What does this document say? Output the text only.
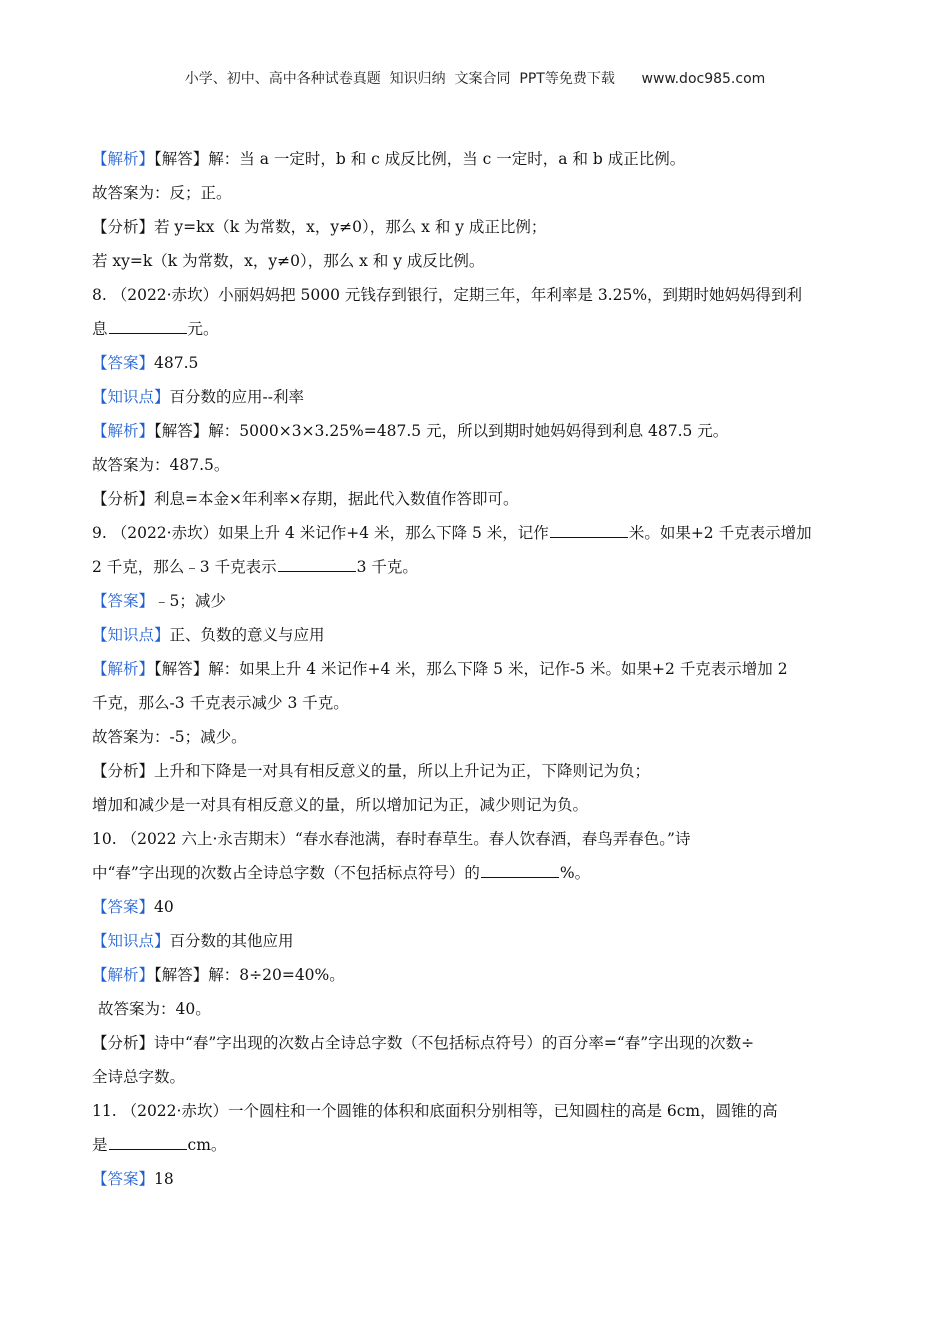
小学、初中、高中各种试卷真题  知识归纳  文案合同  PPT等免费下载      www.doc985.com
【解析】【解答】解：当 a 一定时，b 和 c 成反比例，当 c 一定时，a 和 b 成正比例。
故答案为：反；正。
【分析】若 y=kx（k 为常数，x，y≠0），那么 x 和 y 成正比例；
若 xy=k（k 为常数，x，y≠0），那么 x 和 y 成反比例。
8. （2022·赤坎）小丽妈妈把 5000 元钱存到银行，定期三年，年利率是 3.25%，到期时她妈妈得到利
息	元。
【答案】487.5
【知识点】百分数的应用--利率
【解析】【解答】解：5000×3×3.25%=487.5 元，所以到期时她妈妈得到利息 487.5 元。
故答案为：487.5。
【分析】利息=本金×年利率×存期，据此代入数值作答即可。
9. （2022·赤坎）如果上升 4 米记作+4 米，那么下降 5 米，记作	米。如果+2 千克表示增加
2 千克，那么﹣3 千克表示	3 千克。
【答案】﹣5；减少
【知识点】正、负数的意义与应用
【解析】【解答】解：如果上升 4 米记作+4 米，那么下降 5 米，记作-5 米。如果+2 千克表示增加 2
千克，那么-3 千克表示减少 3 千克。
故答案为：-5；减少。
【分析】上升和下降是一对具有相反意义的量，所以上升记为正，下降则记为负；
增加和减少是一对具有相反意义的量，所以增加记为正，减少则记为负。
10. （2022 六上·永吉期末）“春水春池满，春时春草生。春人饮春酒，春鸟弄春色。”诗
中“春”字出现的次数占全诗总字数（不包括标点符号）的	%。
【答案】40
【知识点】百分数的其他应用
【解析】【解答】解：8÷20=40%。
故答案为：40。
【分析】诗中“春”字出现的次数占全诗总字数（不包括标点符号）的百分率=“春”字出现的次数÷
全诗总字数。
11. （2022·赤坎）一个圆柱和一个圆锥的体积和底面积分别相等，已知圆柱的高是 6cm，圆锥的高
是	cm。
【答案】18
